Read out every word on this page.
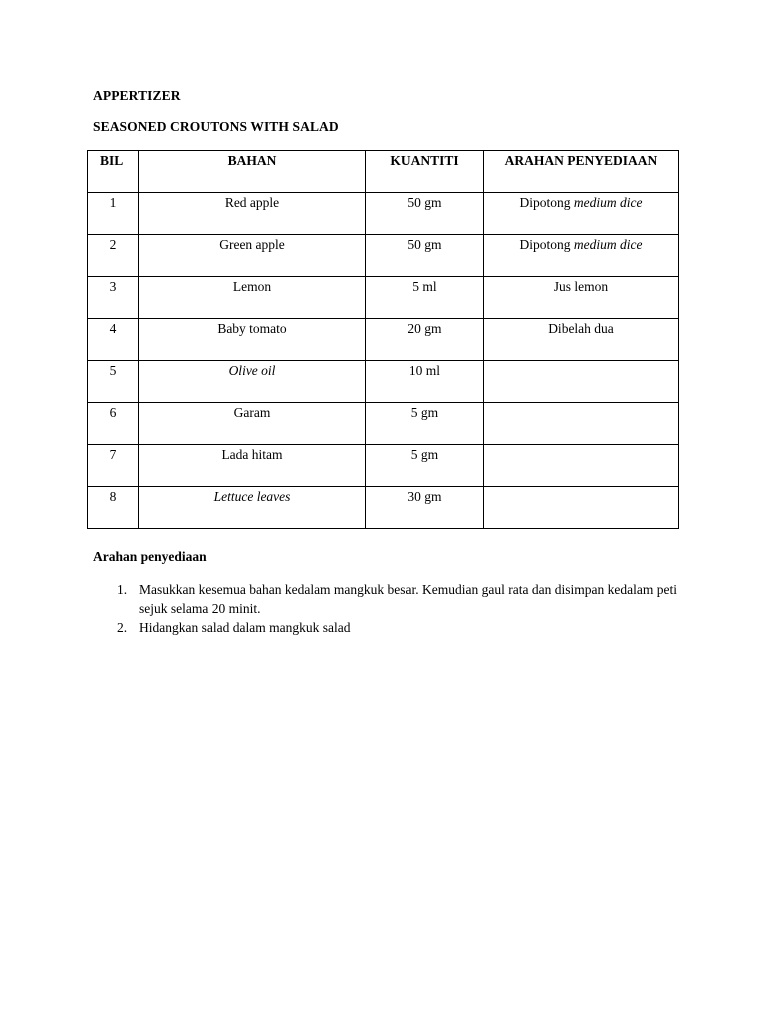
APPERTIZER
SEASONED CROUTONS WITH SALAD
BIL	BAHAN	KUANTITI	ARAHAN PENYEDIAAN

1	Red apple	50 gm	Dipotong medium dice

2	Green apple	50 gm	Dipotong medium dice

3	Lemon	5 ml	Jus lemon

4	Baby tomato	20 gm	Dibelah dua

5	Olive oil	10 ml	

6	Garam	5 gm	

7	Lada hitam	5 gm	

8	Lettuce leaves	30 gm	

Arahan penyediaan
1. Masukkan kesemua bahan kedalam mangkuk besar. Kemudian gaul rata dan disimpan kedalam peti sejuk selama 20 minit.
2. Hidangkan salad dalam mangkuk salad
